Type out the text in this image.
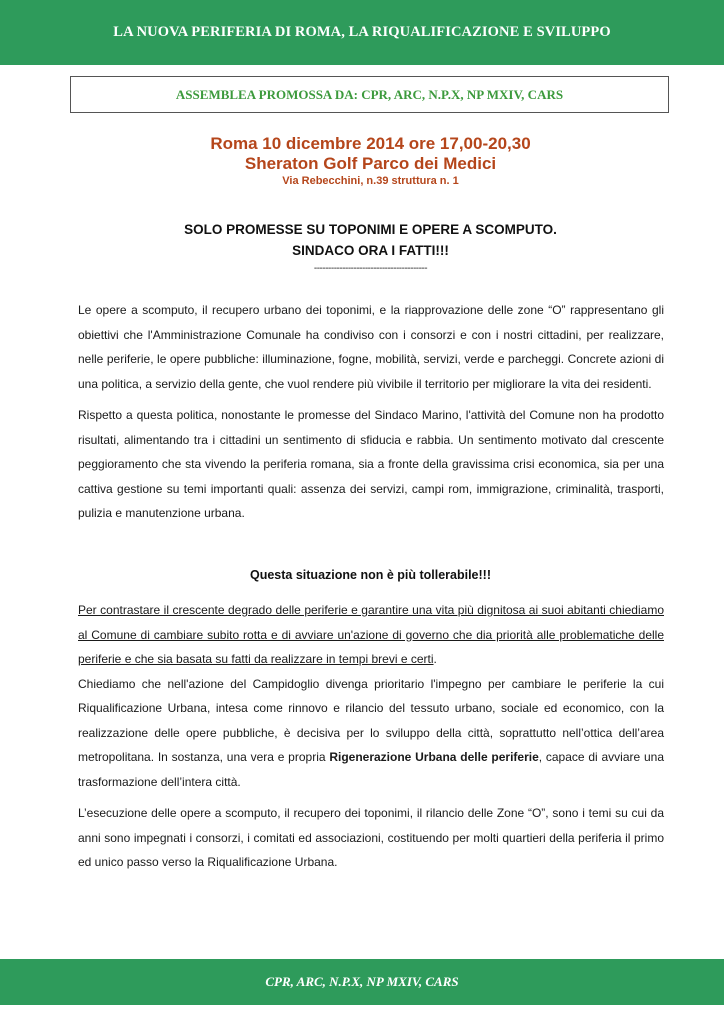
LA NUOVA PERIFERIA DI ROMA, LA RIQUALIFICAZIONE E SVILUPPO
ASSEMBLEA PROMOSSA DA: CPR, ARC, N.P.X, NP MXIV, CARS
Roma 10 dicembre 2014 ore 17,00-20,30
Sheraton Golf Parco dei Medici
Via Rebecchini, n.39 struttura n. 1
SOLO PROMESSE SU TOPONIMI E OPERE A SCOMPUTO.
SINDACO ORA I FATTI!!!
----------------------------------------

Le opere a scomputo, il recupero urbano dei toponimi, e la riapprovazione delle zone “O” rappresentano gli obiettivi che l'Amministrazione Comunale ha condiviso con i consorzi e con i nostri cittadini, per realizzare, nelle periferie, le opere pubbliche: illuminazione, fogne, mobilità, servizi, verde e parcheggi. Concrete azioni di una politica, a servizio della gente, che vuol rendere più vivibile il territorio per migliorare la vita dei residenti.

Rispetto a questa politica, nonostante le promesse del Sindaco Marino, l'attività del Comune non ha prodotto risultati, alimentando tra i cittadini un sentimento di sfiducia e rabbia. Un sentimento motivato dal crescente peggioramento che sta vivendo la periferia romana, sia a fronte della gravissima crisi economica, sia per una cattiva gestione su temi importanti quali: assenza dei servizi, campi rom, immigrazione, criminalità, trasporti, pulizia e manutenzione urbana.

Questa situazione non è più tollerabile!!!

Per contrastare il crescente degrado delle periferie e garantire una vita più dignitosa ai suoi abitanti chiediamo al Comune di cambiare subito rotta e di avviare un'azione di governo che dia priorità alle problematiche delle periferie e che sia basata su fatti da realizzare in tempi brevi e certi.

Chiediamo che nell'azione del Campidoglio divenga prioritario l'impegno per cambiare le periferie la cui Riqualificazione Urbana, intesa come rinnovo e rilancio del tessuto urbano, sociale ed economico, con la realizzazione delle opere pubbliche, è decisiva per lo sviluppo della città, soprattutto nell’ottica dell’area metropolitana. In sostanza, una vera e propria Rigenerazione Urbana delle periferie, capace di avviare una trasformazione dell’intera città.

L’esecuzione delle opere a scomputo, il recupero dei toponimi, il rilancio delle Zone “O”, sono i temi su cui da anni sono impegnati i consorzi, i comitati ed associazioni, costituendo per molti quartieri della periferia il primo ed unico passo verso la Riqualificazione Urbana.

CPR, ARC, N.P.X, NP MXIV, CARS
